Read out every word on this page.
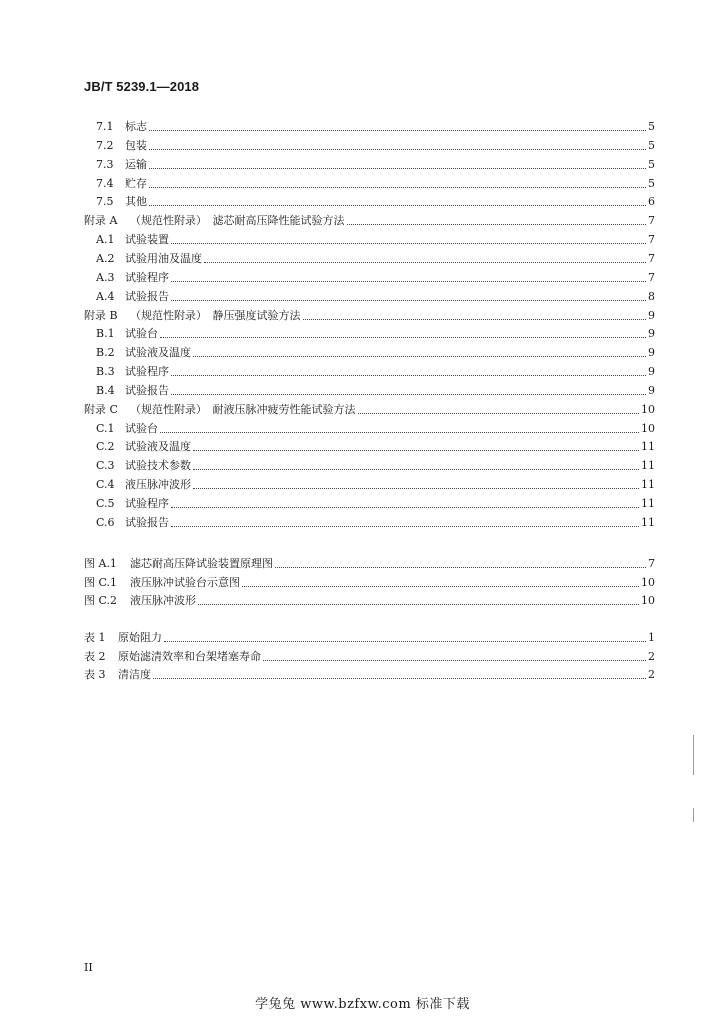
JB/T 5239.1—2018
7.1	标志	5
7.2	包装	5
7.3	运输	5
7.4	贮存	5
7.5	其他	6
附录 A	（规范性附录）　滤芯耐高压降性能试验方法	7
A.1 试验装置	7
A.2 试验用油及温度	7
A.3 试验程序	7
A.4 试验报告	8
附录 B	（规范性附录）　静压强度试验方法	9
B.1 试验台	9
B.2 试验液及温度	9
B.3 试验程序	9
B.4 试验报告	9
附录 C	（规范性附录）　耐液压脉冲疲劳性能试验方法	10
C.1 试验台	10
C.2 试验液及温度	11
C.3 试验技术参数	11
C.4 液压脉冲波形	11
C.5 试验程序	11
C.6 试验报告	11
图 A.1	滤芯耐高压降试验装置原理图	7
图 C.1	液压脉冲试验台示意图	10
图 C.2	液压脉冲波形	10
表 1	原始阻力	1
表 2	原始滤清效率和台架堵塞寿命	2
表 3	清洁度	2
II
学兔兔 www.bzfxw.com 标准下载
